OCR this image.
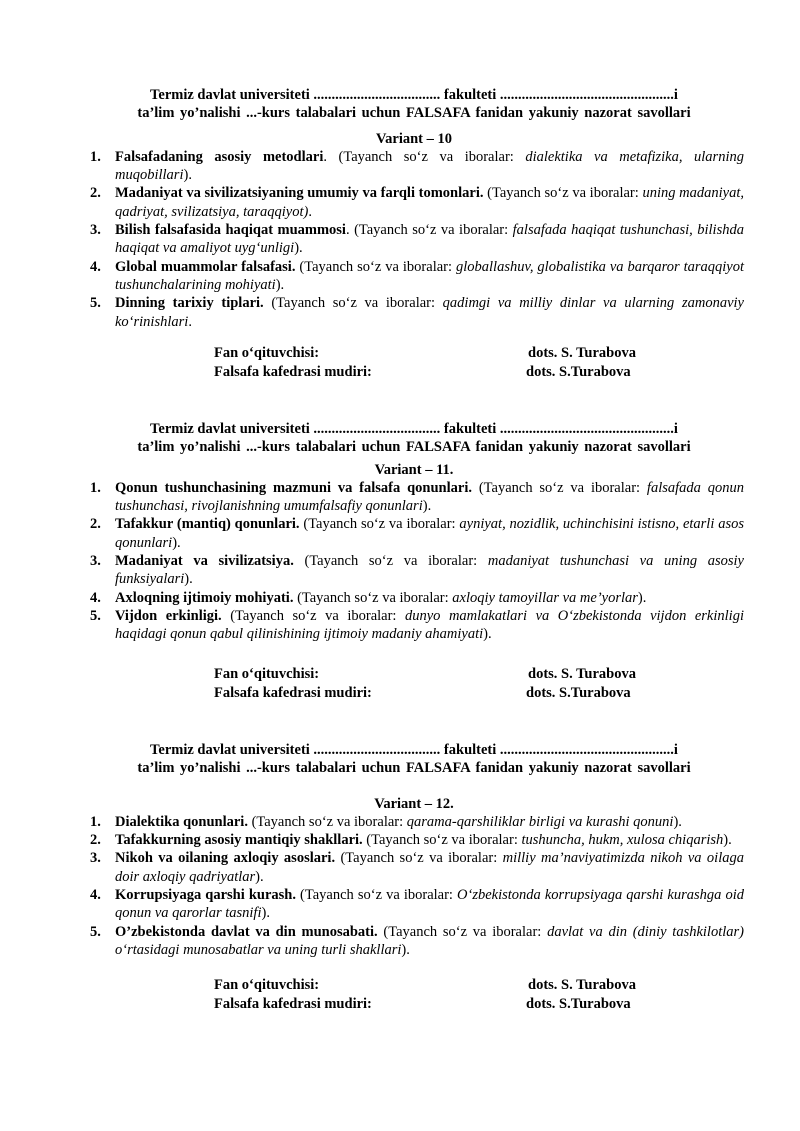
Termiz davlat universiteti ................................... fakulteti ................................................i
ta’lim yo’nalishi ...-kurs talabalari uchun FALSAFA fanidan yakuniy nazorat savollari
Variant – 10
1. Falsafadaning asosiy metodlari. (Tayanch so‘z va iboralar: dialektika va metafizika, ularning muqobillari).
2. Madaniyat va sivilizatsiyaning umumiy va farqli tomonlari. (Tayanch so‘z va iboralar: uning madaniyat, qadriyat, svilizatsiya, taraqqiyot).
3. Bilish falsafasida haqiqat muammosi. (Tayanch so‘z va iboralar: falsafada haqiqat tushunchasi, bilishda haqiqat va amaliyot uyg‘unligi).
4. Global muammolar falsafasi. (Tayanch so‘z va iboralar: globallashuv, globalistika va barqaror taraqqiyot tushunchalarining mohiyati).
5. Dinning tarixiy tiplari. (Tayanch so‘z va iboralar: qadimgi va milliy dinlar va ularning zamonaviy ko‘rinishlari.
Fan o‘qituvchisi:	dots. S. Turabova
Falsafa kafedrasi mudiri:	dots. S.Turabova
Termiz davlat universiteti ................................... fakulteti ................................................i
ta’lim yo’nalishi ...-kurs talabalari uchun FALSAFA fanidan yakuniy nazorat savollari
Variant – 11.
1. Qonun tushunchasining mazmuni va falsafa qonunlari. (Tayanch so‘z va iboralar: falsafada qonun tushunchasi, rivojlanishning umumfalsafiy qonunlari).
2. Tafakkur (mantiq) qonunlari. (Tayanch so‘z va iboralar: ayniyat, nozidlik, uchinchisini istisno, etarli asos qonunlari).
3. Madaniyat va sivilizatsiya. (Tayanch so‘z va iboralar: madaniyat tushunchasi va uning asosiy funksiyalari).
4. Axloqning ijtimoiy mohiyati. (Tayanch so‘z va iboralar: axloqiy tamoyillar va me’yorlar).
5. Vijdon erkinligi. (Tayanch so‘z va iboralar: dunyo mamlakatlari va O‘zbekistonda vijdon erkinligi haqidagi qonun qabul qilinishining ijtimoiy madaniy ahamiyati).
Fan o‘qituvchisi:	dots. S. Turabova
Falsafa kafedrasi mudiri:	dots. S.Turabova
Termiz davlat universiteti ................................... fakulteti ................................................i
ta’lim yo’nalishi ...-kurs talabalari uchun FALSAFA fanidan yakuniy nazorat savollari
Variant – 12.
1. Dialektika qonunlari. (Tayanch so‘z va iboralar: qarama-qarshiliklar birligi va kurashi qonuni).
2. Tafakkurning asosiy mantiqiy shakllari. (Tayanch so‘z va iboralar: tushuncha, hukm, xulosa chiqarish).
3. Nikoh va oilaning axloqiy asoslari. (Tayanch so‘z va iboralar: milliy ma’naviyatimizda nikoh va oilaga doir axloqiy qadriyatlar).
4. Korrupsiyaga qarshi kurash. (Tayanch so‘z va iboralar: O‘zbekistonda korrupsiyaga qarshi kurashga oid qonun va qarorlar tasnifi).
5. O’zbekistonda davlat va din munosabati. (Tayanch so‘z va iboralar: davlat va din (diniy tashkilotlar) o‘rtasidagi munosabatlar va uning turli shakllari).
Fan o‘qituvchisi:	dots. S. Turabova
Falsafa kafedrasi mudiri:	dots. S.Turabova
